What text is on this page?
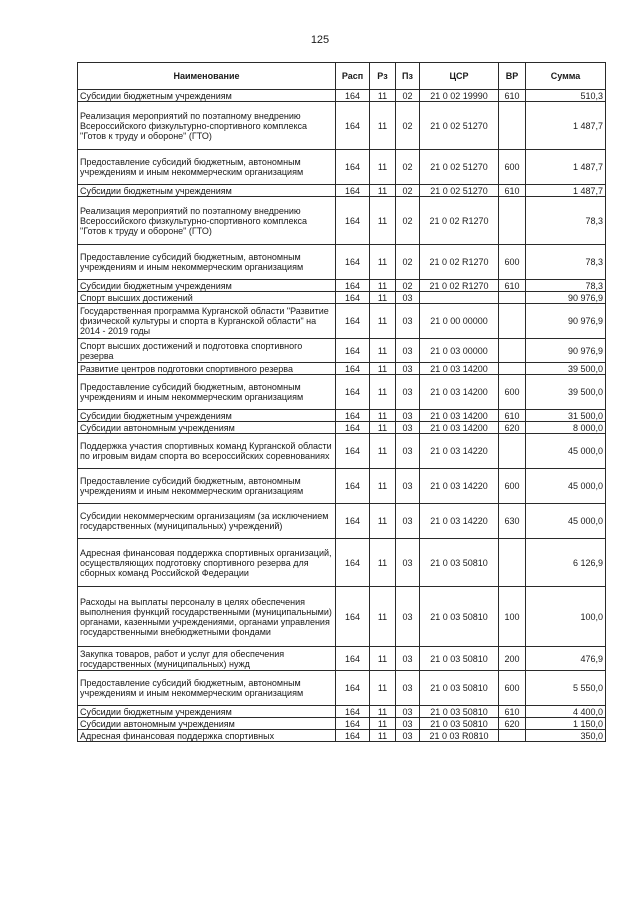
125
Наименование	Расп	Рз	Пз	ЦСР	ВР	Сумма
Субсидии бюджетным учреждениям	164	11	02	21 0 02 19990	610	510,3
Реализация мероприятий по поэтапному внедрению Всероссийского физкультурно-спортивного комплекса "Готов к труду и обороне" (ГТО)	164	11	02	21 0 02 51270		1 487,7
Предоставление субсидий бюджетным, автономным учреждениям и иным некоммерческим организациям	164	11	02	21 0 02 51270	600	1 487,7
Субсидии бюджетным учреждениям	164	11	02	21 0 02 51270	610	1 487,7
Реализация мероприятий по поэтапному внедрению Всероссийского физкультурно-спортивного комплекса "Готов к труду и обороне" (ГТО)	164	11	02	21 0 02 R1270		78,3
Предоставление субсидий бюджетным, автономным учреждениям и иным некоммерческим организациям	164	11	02	21 0 02 R1270	600	78,3
Субсидии бюджетным учреждениям	164	11	02	21 0 02 R1270	610	78,3
Спорт высших достижений	164	11	03			90 976,9
Государственная программа Курганской области "Развитие физической культуры и спорта в Курганской области" на 2014 - 2019 годы	164	11	03	21 0 00 00000		90 976,9
Спорт высших достижений и подготовка спортивного резерва	164	11	03	21 0 03 00000		90 976,9
Развитие центров подготовки спортивного резерва	164	11	03	21 0 03 14200		39 500,0
Предоставление субсидий бюджетным, автономным учреждениям и иным некоммерческим организациям	164	11	03	21 0 03 14200	600	39 500,0
Субсидии бюджетным учреждениям	164	11	03	21 0 03 14200	610	31 500,0
Субсидии автономным учреждениям	164	11	03	21 0 03 14200	620	8 000,0
Поддержка участия спортивных команд Курганской области по игровым видам спорта во всероссийских соревнованиях	164	11	03	21 0 03 14220		45 000,0
Предоставление субсидий бюджетным, автономным учреждениям и иным некоммерческим организациям	164	11	03	21 0 03 14220	600	45 000,0
Субсидии некоммерческим организациям (за исключением государственных (муниципальных) учреждений)	164	11	03	21 0 03 14220	630	45 000,0
Адресная финансовая поддержка спортивных организаций, осуществляющих подготовку спортивного резерва для сборных команд Российской Федерации	164	11	03	21 0 03 50810		6 126,9
Расходы на выплаты персоналу в целях обеспечения выполнения функций государственными (муниципальными) органами, казенными учреждениями, органами управления государственными внебюджетными фондами	164	11	03	21 0 03 50810	100	100,0
Закупка товаров, работ и услуг для обеспечения государственных (муниципальных) нужд	164	11	03	21 0 03 50810	200	476,9
Предоставление субсидий бюджетным, автономным учреждениям и иным некоммерческим организациям	164	11	03	21 0 03 50810	600	5 550,0
Субсидии бюджетным учреждениям	164	11	03	21 0 03 50810	610	4 400,0
Субсидии автономным учреждениям	164	11	03	21 0 03 50810	620	1 150,0
Адресная финансовая поддержка спортивных	164	11	03	21 0 03 R0810		350,0
